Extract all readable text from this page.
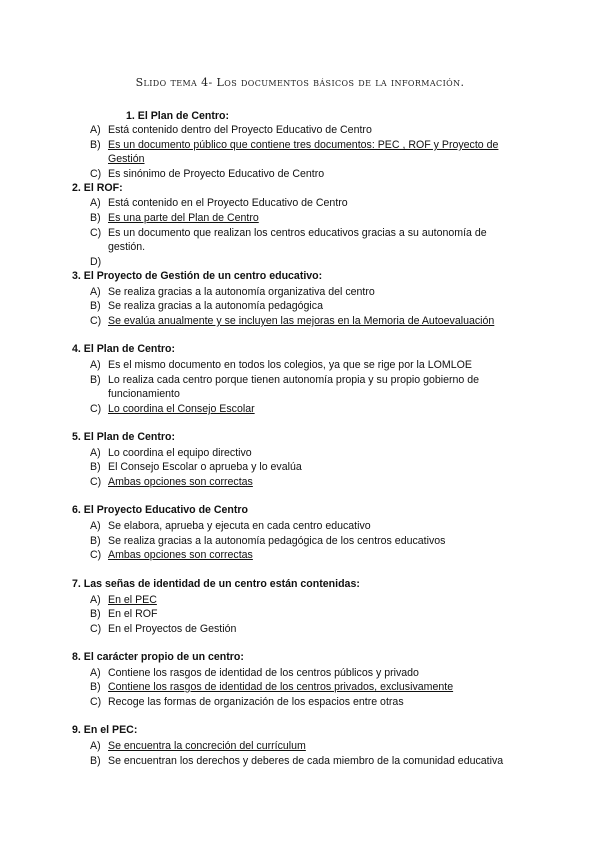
Slido tema 4- Los documentos básicos de la información.
1. El Plan de Centro:
A) Está contenido dentro del Proyecto Educativo de Centro
B) Es un documento público que contiene tres documentos: PEC , ROF y Proyecto de
Gestión
C) Es sinónimo de Proyecto Educativo de Centro
2. El ROF:
A) Está contenido en el Proyecto Educativo de Centro
B) Es una parte del Plan de Centro
C) Es un documento que realizan los centros educativos gracias a su autonomía de
gestión.
D)
3. El Proyecto de Gestión de un centro educativo:
A) Se realiza gracias a la autonomía organizativa del centro
B) Se realiza gracias a la autonomía pedagógica
C) Se evalúa anualmente y se incluyen las mejoras en la Memoria de Autoevaluación
4. El Plan de Centro:
A) Es el mismo documento en todos los colegios, ya que se rige por la LOMLOE
B) Lo realiza cada centro porque tienen autonomía propia y su propio gobierno de
funcionamiento
C) Lo coordina el Consejo Escolar
5. El Plan de Centro:
A) Lo coordina el equipo directivo
B) El Consejo Escolar o aprueba y lo evalúa
C) Ambas opciones son correctas
6. El Proyecto Educativo de Centro
A) Se elabora, aprueba y ejecuta en cada centro educativo
B) Se realiza gracias a la autonomía pedagógica de los centros educativos
C) Ambas opciones son correctas
7. Las señas de identidad de un centro están contenidas:
A) En el PEC
B) En el ROF
C) En el Proyectos de Gestión
8. El carácter propio de un centro:
A) Contiene los rasgos de identidad de los centros públicos y privado
B) Contiene los rasgos de identidad de los centros privados, exclusivamente
C) Recoge las formas de organización de los espacios entre otras
9. En el PEC:
A) Se encuentra la concreción del currículum
B) Se encuentran los derechos y deberes de cada miembro de la comunidad educativa
